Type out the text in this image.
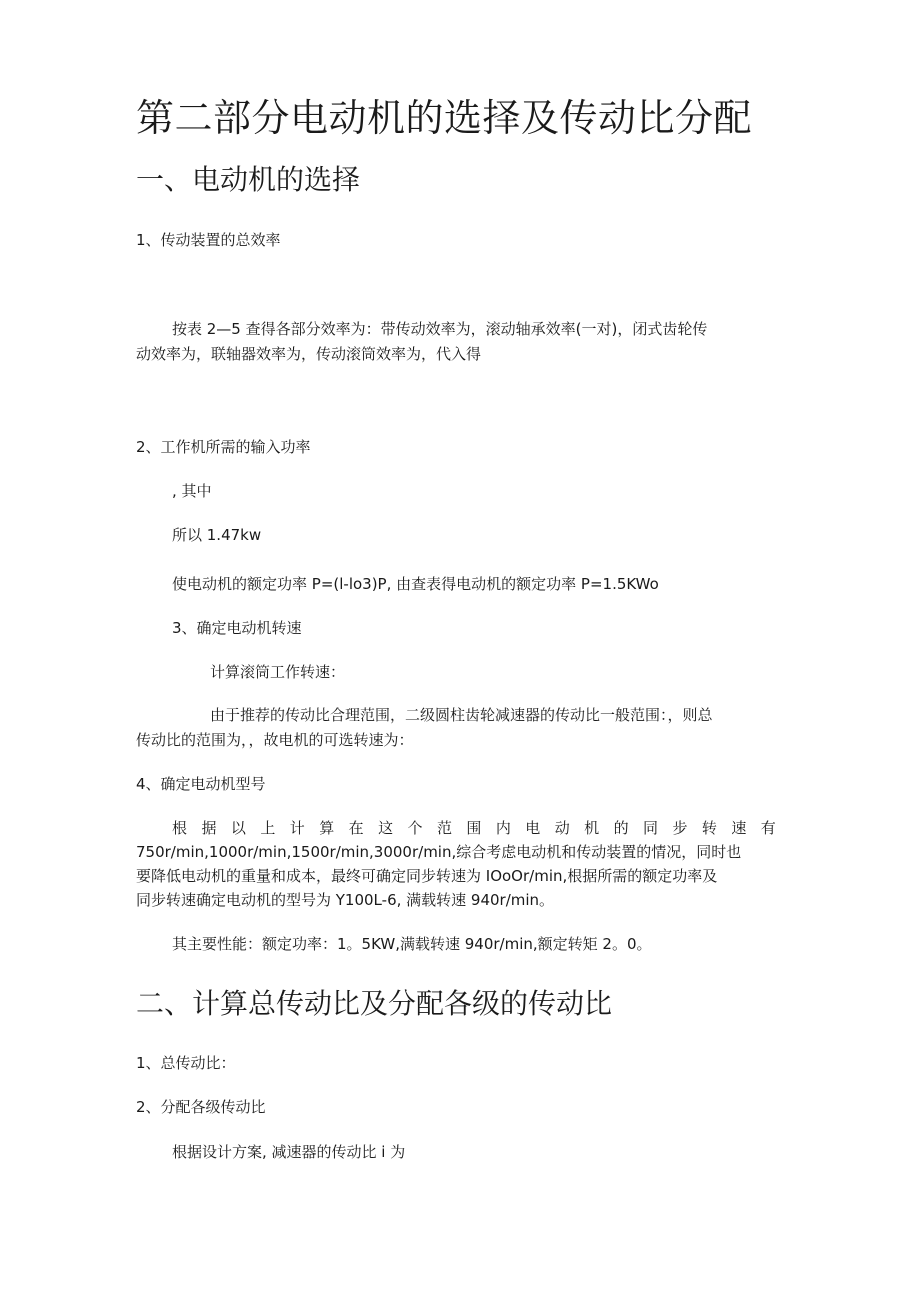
第二部分电动机的选择及传动比分配
一、电动机的选择
1、传动装置的总效率
按表 2—5 查得各部分效率为：带传动效率为，滚动轴承效率(一对)，闭式齿轮传
动效率为，联轴器效率为，传动滚筒效率为，代入得
2、工作机所需的输入功率
, 其中
所以 1.47kw
使电动机的额定功率 P=(l-lo3)P, 由查表得电动机的额定功率 P=1.5KWo
3、确定电动机转速
计算滚筒工作转速：
由于推荐的传动比合理范围，二级圆柱齿轮减速器的传动比一般范围：，则总
传动比的范围为，，故电机的可选转速为：
4、确定电动机型号
根 据 以 上 计 算 在 这 个 范 围 内 电 动 机 的 同 步 转 速 有
750r/min,1000r/min,1500r/min,3000r/min,综合考虑电动机和传动装置的情况，同时也
要降低电动机的重量和成本，最终可确定同步转速为 IOoOr/min,根据所需的额定功率及
同步转速确定电动机的型号为 Y100L-6, 满载转速 940r/min。
其主要性能：额定功率：1。5KW,满载转速 940r/min,额定转矩 2。0。
二、计算总传动比及分配各级的传动比
1、总传动比：
2、分配各级传动比
根据设计方案, 减速器的传动比 i 为
